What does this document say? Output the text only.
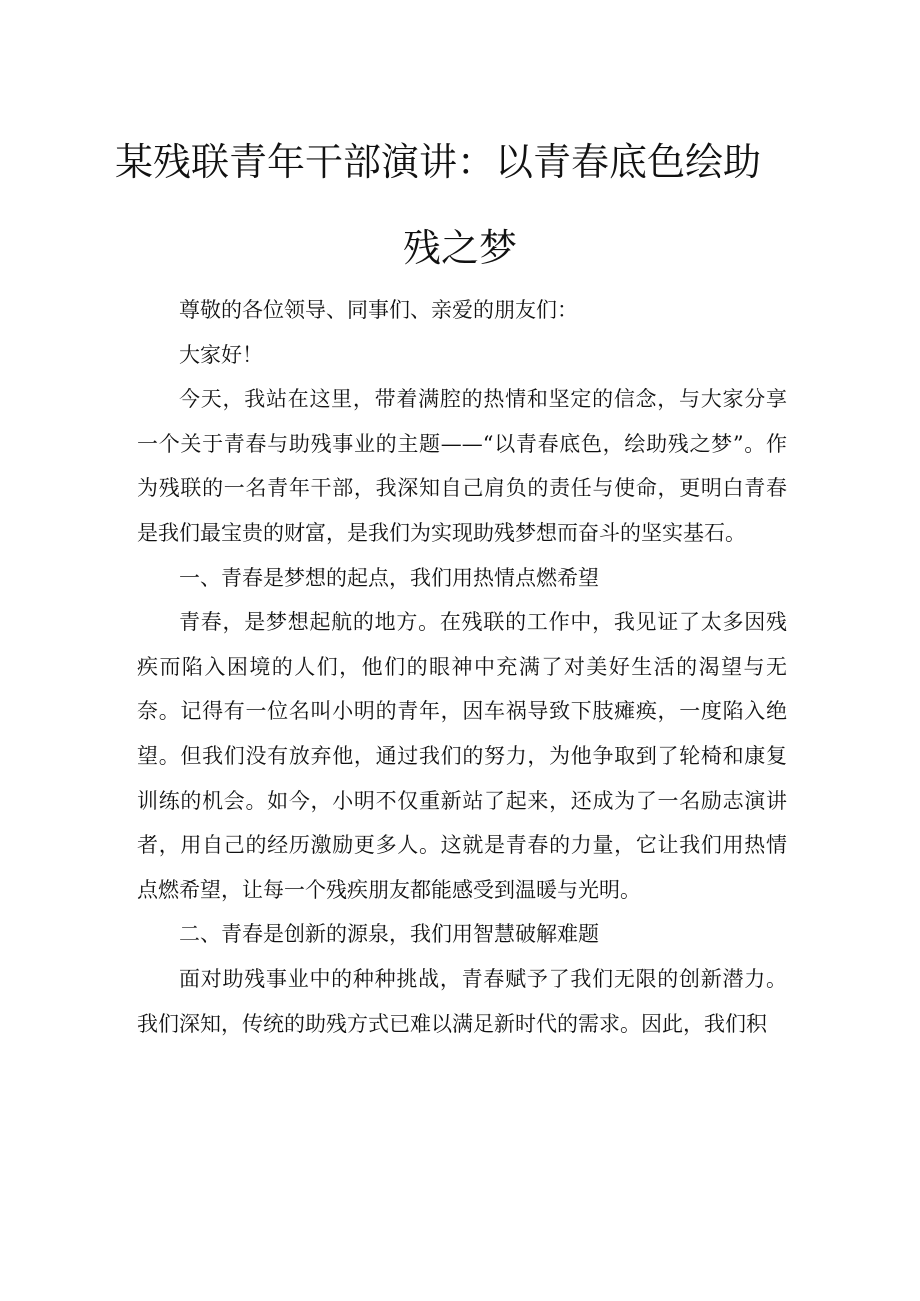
某残联青年干部演讲：以青春底色绘助
残之梦

尊敬的各位领导、同事们、亲爱的朋友们：

大家好！

今天，我站在这里，带着满腔的热情和坚定的信念，与大家分享一个关于青春与助残事业的主题——“以青春底色，绘助残之梦”。作为残联的一名青年干部，我深知自己肩负的责任与使命，更明白青春是我们最宝贵的财富，是我们为实现助残梦想而奋斗的坚实基石。

一、青春是梦想的起点，我们用热情点燃希望

青春，是梦想起航的地方。在残联的工作中，我见证了太多因残疾而陷入困境的人们，他们的眼神中充满了对美好生活的渴望与无奈。记得有一位名叫小明的青年，因车祸导致下肢瘫痪，一度陷入绝望。但我们没有放弃他，通过我们的努力，为他争取到了轮椅和康复训练的机会。如今，小明不仅重新站了起来，还成为了一名励志演讲者，用自己的经历激励更多人。这就是青春的力量，它让我们用热情点燃希望，让每一个残疾朋友都能感受到温暖与光明。

二、青春是创新的源泉，我们用智慧破解难题

面对助残事业中的种种挑战，青春赋予了我们无限的创新潜力。我们深知，传统的助残方式已难以满足新时代的需求。因此，我们积
